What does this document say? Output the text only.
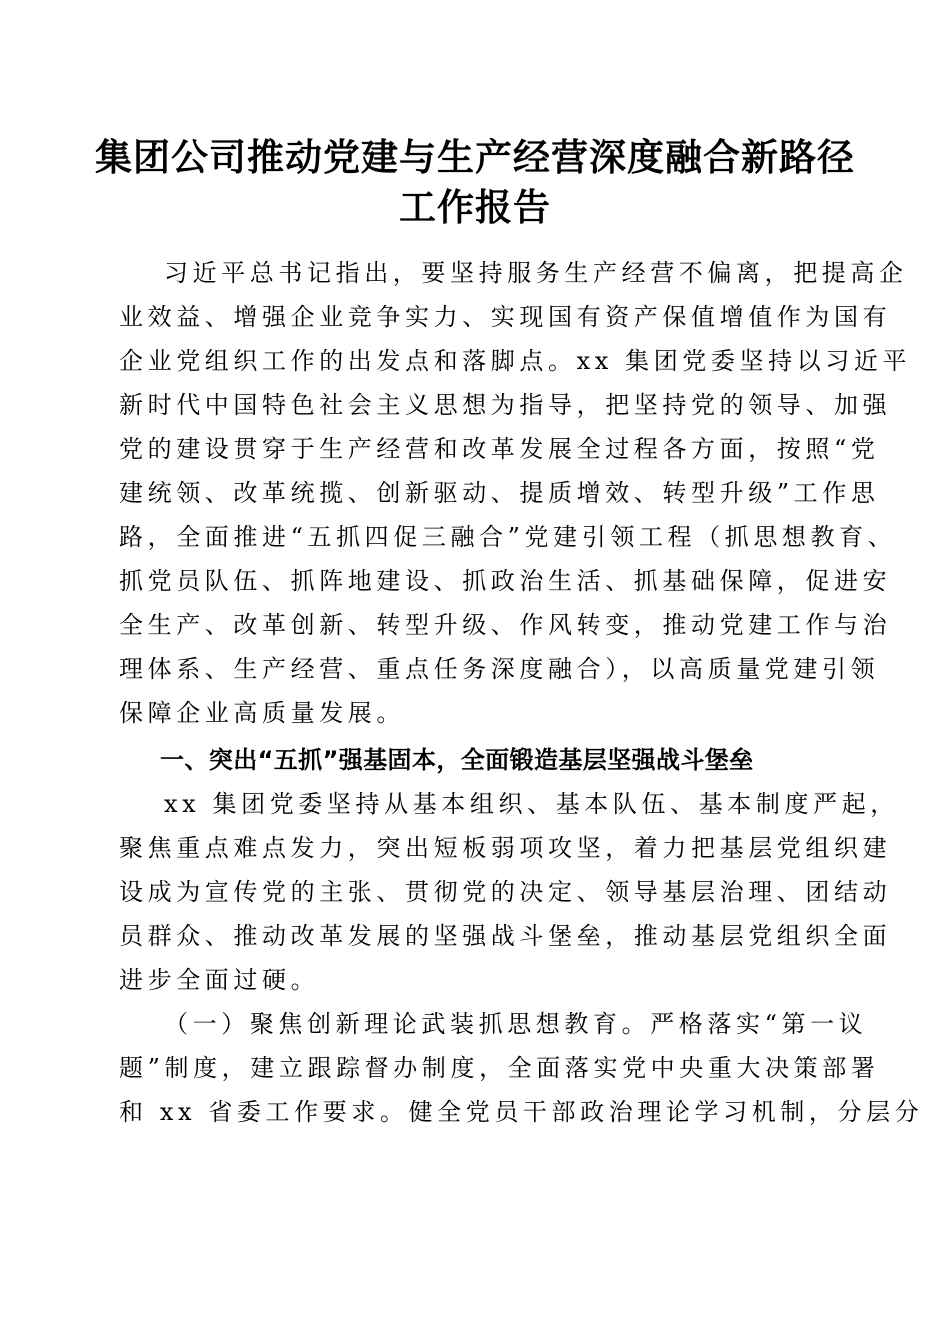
集团公司推动党建与生产经营深度融合新路径
工作报告
习近平总书记指出，要坚持服务生产经营不偏离，把提高企
业效益、增强企业竞争实力、实现国有资产保值增值作为国有
企业党组织工作的出发点和落脚点。xx 集团党委坚持以习近平
新时代中国特色社会主义思想为指导，把坚持党的领导、加强
党的建设贯穿于生产经营和改革发展全过程各方面，按照“党
建统领、改革统揽、创新驱动、提质增效、转型升级”工作思
路，全面推进“五抓四促三融合”党建引领工程（抓思想教育、
抓党员队伍、抓阵地建设、抓政治生活、抓基础保障，促进安
全生产、改革创新、转型升级、作风转变，推动党建工作与治
理体系、生产经营、重点任务深度融合），以高质量党建引领
保障企业高质量发展。
一、突出“五抓”强基固本，全面锻造基层坚强战斗堡垒
xx 集团党委坚持从基本组织、基本队伍、基本制度严起，
聚焦重点难点发力，突出短板弱项攻坚，着力把基层党组织建
设成为宣传党的主张、贯彻党的决定、领导基层治理、团结动
员群众、推动改革发展的坚强战斗堡垒，推动基层党组织全面
进步全面过硬。
（一）聚焦创新理论武装抓思想教育。严格落实“第一议
题”制度，建立跟踪督办制度，全面落实党中央重大决策部署
和 xx 省委工作要求。健全党员干部政治理论学习机制，分层分
